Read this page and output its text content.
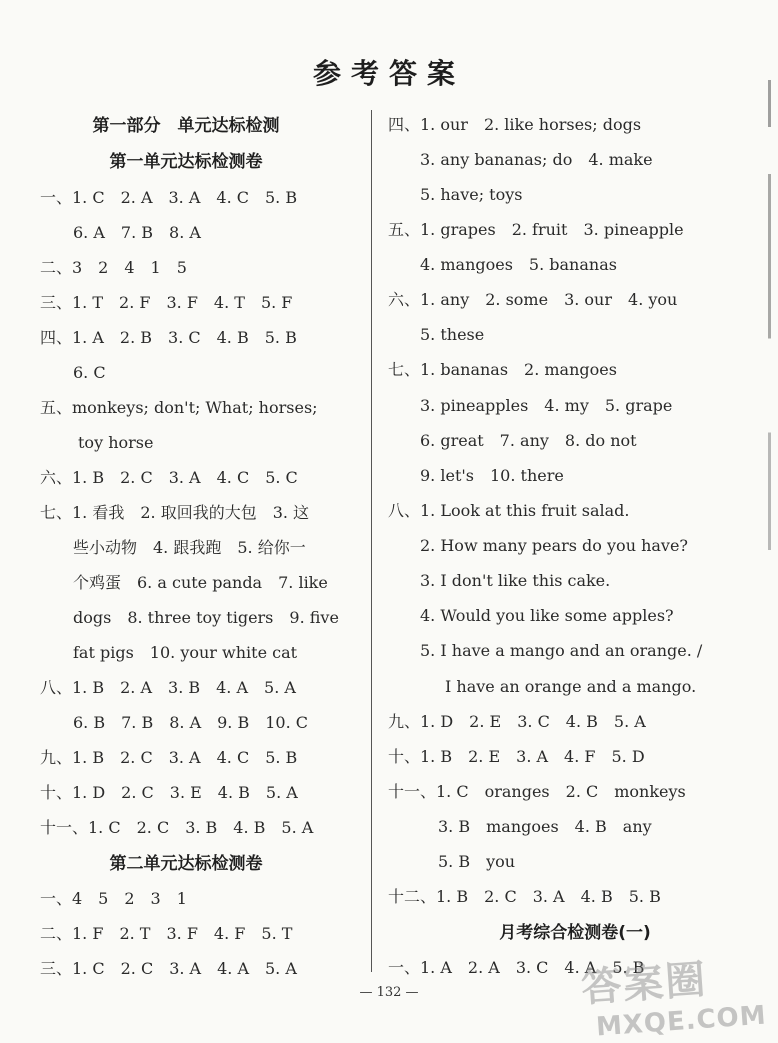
参考答案
第一部分　单元达标检测
第一单元达标检测卷
一、1. C　2. A　3. A　4. C　5. B
6. A　7. B　8. A
二、3　2　4　1　5
三、1. T　2. F　3. F　4. T　5. F
四、1. A　2. B　3. C　4. B　5. B
6. C
五、monkeys; don't; What; horses;
toy horse
六、1. B　2. C　3. A　4. C　5. C
七、1. 看我　2. 取回我的大包　3. 这
些小动物　4. 跟我跑　5. 给你一
个鸡蛋　6. a cute panda　7. like
dogs　8. three toy tigers　9. five
fat pigs　10. your white cat
八、1. B　2. A　3. B　4. A　5. A
6. B　7. B　8. A　9. B　10. C
九、1. B　2. C　3. A　4. C　5. B
十、1. D　2. C　3. E　4. B　5. A
十一、1. C　2. C　3. B　4. B　5. A
第二单元达标检测卷
一、4　5　2　3　1
二、1. F　2. T　3. F　4. F　5. T
三、1. C　2. C　3. A　4. A　5. A
四、1. our　2. like horses; dogs
3. any bananas; do　4. make
5. have; toys
五、1. grapes　2. fruit　3. pineapple
4. mangoes　5. bananas
六、1. any　2. some　3. our　4. you
5. these
七、1. bananas　2. mangoes
3. pineapples　4. my　5. grape
6. great　7. any　8. do not
9. let's　10. there
八、1. Look at this fruit salad.
2. How many pears do you have?
3. I don't like this cake.
4. Would you like some apples?
5. I have a mango and an orange. /
I have an orange and a mango.
九、1. D　2. E　3. C　4. B　5. A
十、1. B　2. E　3. A　4. F　5. D
十一、1. C　oranges　2. C　monkeys
3. B　mangoes　4. B　any
5. B　you
十二、1. B　2. C　3. A　4. B　5. B
月考综合检测卷(一)
一、1. A　2. A　3. C　4. A　5. B
— 132 —	答案圈
MXQE.COM
